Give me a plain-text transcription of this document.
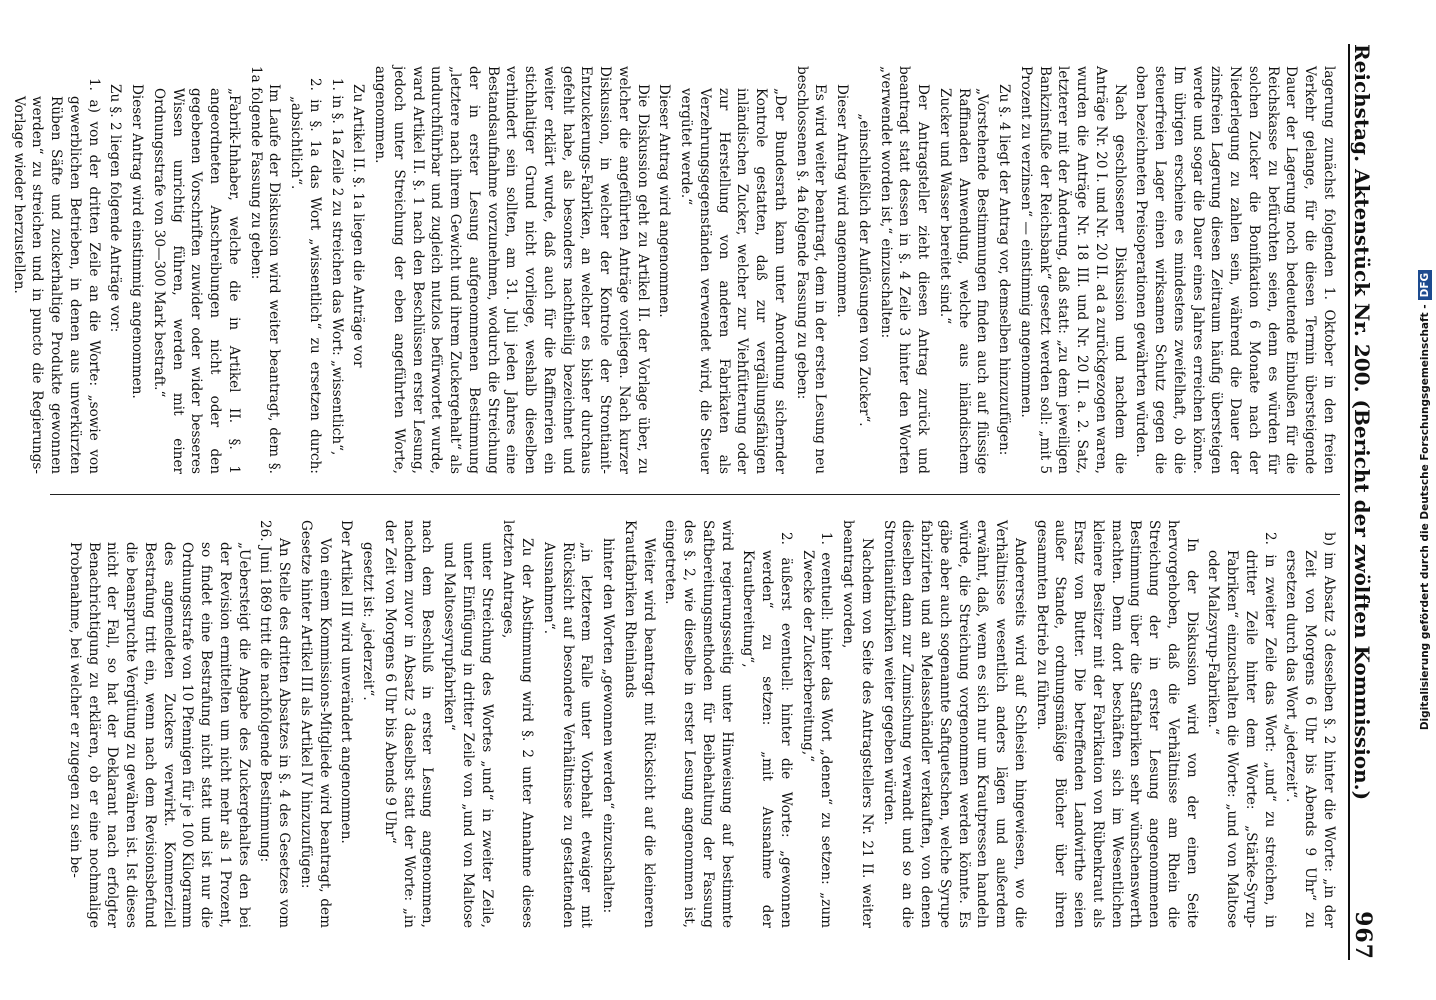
Reichstag. Aktenstück Nr. 200. (Bericht der zwölften Kommission.)
967

lagerung zunächst folgenden 1. Oktober in den freien Verkehr gelange, für die diesen Termin übersteigende Dauer der Lagerung noch bedeutende Einbußen für die Reichskasse zu befürchten seien, denn es würden für solchen Zucker die Bonifikation 6 Monate nach der Niederlegung zu zahlen sein, während die Dauer der zinsfreien Lagerung diesen Zeitraum häufig übersteigen werde und sogar die Dauer eines Jahres erreichen könne. Im übrigen erscheine es mindestens zweifelhaft, ob die steuerfreien Lager einen wirksamen Schutz gegen die oben bezeichneten Preisoperationen gewährten würden.

Nach geschlossener Diskussion und nachdem die Anträge Nr. 20 I. und Nr. 20 II. ad a zurückgezogen waren, wurden die Anträge Nr. 18 III. und Nr. 20 II. a. 2. Satz, letzterer mit der Änderung, daß statt: „zu dem jeweiligen Bankzinsfuße der Reichsbank“ gesetzt werden soll: „mit 5 Prozent zu verzinsen“ — einstimmig angenommen.

Zu §. 4 liegt der Antrag vor, demselben hinzuzufügen:

„Vorstehende Bestimmungen finden auch auf flüssige Raffinaden Anwendung, welche aus inländischem Zucker und Wasser bereitet sind.“

Der Antragsteller zieht diesen Antrag zurück und beantragt statt dessen in §. 4 Zeile 3 hinter den Worten „verwendet worden ist,“ einzuschalten:

„einschließlich der Auflösungen von Zucker“.

Dieser Antrag wird angenommen.

Es wird weiter beantragt, dem in der ersten Lesung neu beschlossenen §. 4a folgende Fassung zu geben:

„Der Bundesrath kann unter Anordnung sichernder Kontrole gestatten, daß zur vergällungsfähigen inländischen Zucker, welcher zur Viehfütterung oder zur Herstellung von anderen Fabrikaten als Verzehrungsgegenständen verwendet wird, die Steuer vergütet werde.“

Dieser Antrag wird angenommen.

Die Diskussion geht zu Artikel II. der Vorlage über, zu welcher die angeführten Anträge vorliegen. Nach kurzer Diskussion, in welcher der Kontrole der Strontianit-Entzuckerungs-Fabriken, an welcher es bisher durchaus gefehlt habe, als besonders nachtheilig bezeichnet und weiter erklärt wurde, daß auch für die Raffinerien ein stichhaltiger Grund nicht vorliege, weshalb dieselben verhindert sein sollten, am 31. Juli jeden Jahres eine Bestandsaufnahme vorzunehmen, wodurch die Streichung der in erster Lesung aufgenommenen Bestimmung „letztere nach ihrem Gewicht und ihrem Zuckergehalt“ als undurchführbar und zugleich nutzlos befürwortet wurde, ward Artikel II. §. 1 nach den Beschlüssen erster Lesung, jedoch unter Streichung der eben angeführten Worte, angenommen.

Zu Artikel II. §. 1a liegen die Anträge vor

1. in §. 1a Zeile 2 zu streichen das Wort: „wissentlich“,

2. in §. 1a das Wort „wissentlich“ zu ersetzen durch: „absichtlich“.

Im Laufe der Diskussion wird weiter beantragt, dem §. 1a folgende Fassung zu geben:

„Fabrik-Inhaber, welche die in Artikel II. §. 1 angeordneten Anschreibungen nicht oder den gegebenen Vorschriften zuwider oder wider besseres Wissen unrichtig führen, werden mit einer Ordnungsstrafe von 30—300 Mark bestraft.“

Dieser Antrag wird einstimmig angenommen.

Zu §. 2 liegen folgende Anträge vor:

1. a) von der dritten Zeile an die Worte: „sowie von gewerblichen Betrieben, in denen aus unverkürzten Rüben Säfte und zuckerhaltige Produkte gewonnen werden“ zu streichen und in puncto die Regierungs-Vorlage wieder herzustellen.

b) im Absatz 3 desselben §. 2 hinter die Worte: „in der Zeit von Morgens 6 Uhr bis Abends 9 Uhr“ zu ersetzen durch das Wort „jederzeit“.

2. in zweiter Zeile das Wort: „und“ zu streichen, in dritter Zeile hinter dem Worte: „Stärke-Syrup-Fabriken“ einzuschalten die Worte: „und von Maltose oder Malzsyrup-Fabriken.“

In der Diskussion wird von der einen Seite hervorgehoben, daß die Verhältnisse am Rhein die Streichung der in erster Lesung angenommenen Bestimmung über die Saftfabriken sehr wünschenswerth machten. Denn dort beschäften sich im Wesentlichen kleinere Besitzer mit der Fabrikation von Rübenkraut als Ersatz von Butter. Die betreffenden Landwirthe seien außer Stande, ordnungsmäßige Bücher über ihren gesammten Betrieb zu führen.

Andererseits wird auf Schlesien hingewiesen, wo die Verhältnisse wesentlich anders lägen und außerdem erwähnt, daß, wenn es sich nur um Krautpressen handeln würde, die Streichung vorgenommen werden könnte. Es gäbe aber auch sogenannte Saftquetschen, welche Syrupe fabrizirten und an Melassehändler verkauften, von denen dieselben dann zur Zumischung verwandt und so an die Strontianitfabriken weiter gegeben würden.

Nachdem von Seite des Antragstellers Nr. 21 II. weiter beantragt worden,

1. eventuell: hinter das Wort „denen“ zu setzen: „zum Zwecke der Zuckerbereitung,“

2. äußerst eventuell: hinter die Worte: „gewonnen werden“ zu setzen: „mit Ausnahme der Krautbereitung“,

wird regierungsseitig unter Hinweisung auf bestimmte Saftbereitungsmethoden für Beibehaltung der Fassung des §. 2, wie dieselbe in erster Lesung angenommen ist, eingetreten.

Weiter wird beantragt mit Rücksicht auf die kleineren Krautfabriken Rheinlands

hinter den Worten „gewonnen werden“ einzuschalten:

„in letzterem Falle unter Vorbehalt etwaiger mit Rücksicht auf besondere Verhältnisse zu gestattenden Ausnahmen“.

Zu der Abstimmung wird §. 2 unter Annahme dieses letzten Antrages,

unter Streichung des Wortes „und“ in zweiter Zeile, unter Einfügung in dritter Zeile von „und von Maltose und Maltosesyrupfabriken“

nach dem Beschluß in erster Lesung angenommen, nachdem zuvor in Absatz 3 daselbst statt der Worte: „in der Zeit von Morgens 6 Uhr bis Abends 9 Uhr“

gesetzt ist: „jederzeit“.

Der Artikel III wird unverändert angenommen.

Von einem Kommissions-Mitgliede wird beantragt, dem Gesetze hinter Artikel III als Artikel IV hinzuzufügen:

An Stelle des dritten Absatzes in §. 4 des Gesetzes vom 26. Juni 1869 tritt die nachfolgende Bestimmung:

„Uebersteigt die Angabe des Zuckergehaltes den bei der Revision ermittelten um nicht mehr als 1 Prozent, so findet eine Bestrafung nicht statt und ist nur die Ordnungsstrafe von 10 Pfennigen für je 100 Kilogramm des angemeldeten Zuckers verwirkt. Kommerziell Bestrafung tritt ein, wenn nach dem Revisionsbefund die beanspruchte Vergütung zu gewähren ist. Ist dieses nicht der Fall, so hat der Deklarant nach erfolgter Benachrichtigung zu erklären, ob er eine nochmalige Probenahme, bei welcher er zugegen zu sein be-	Digitalisierung gefördert durch die Deutsche Forschungsgemeinschaft -DFG
